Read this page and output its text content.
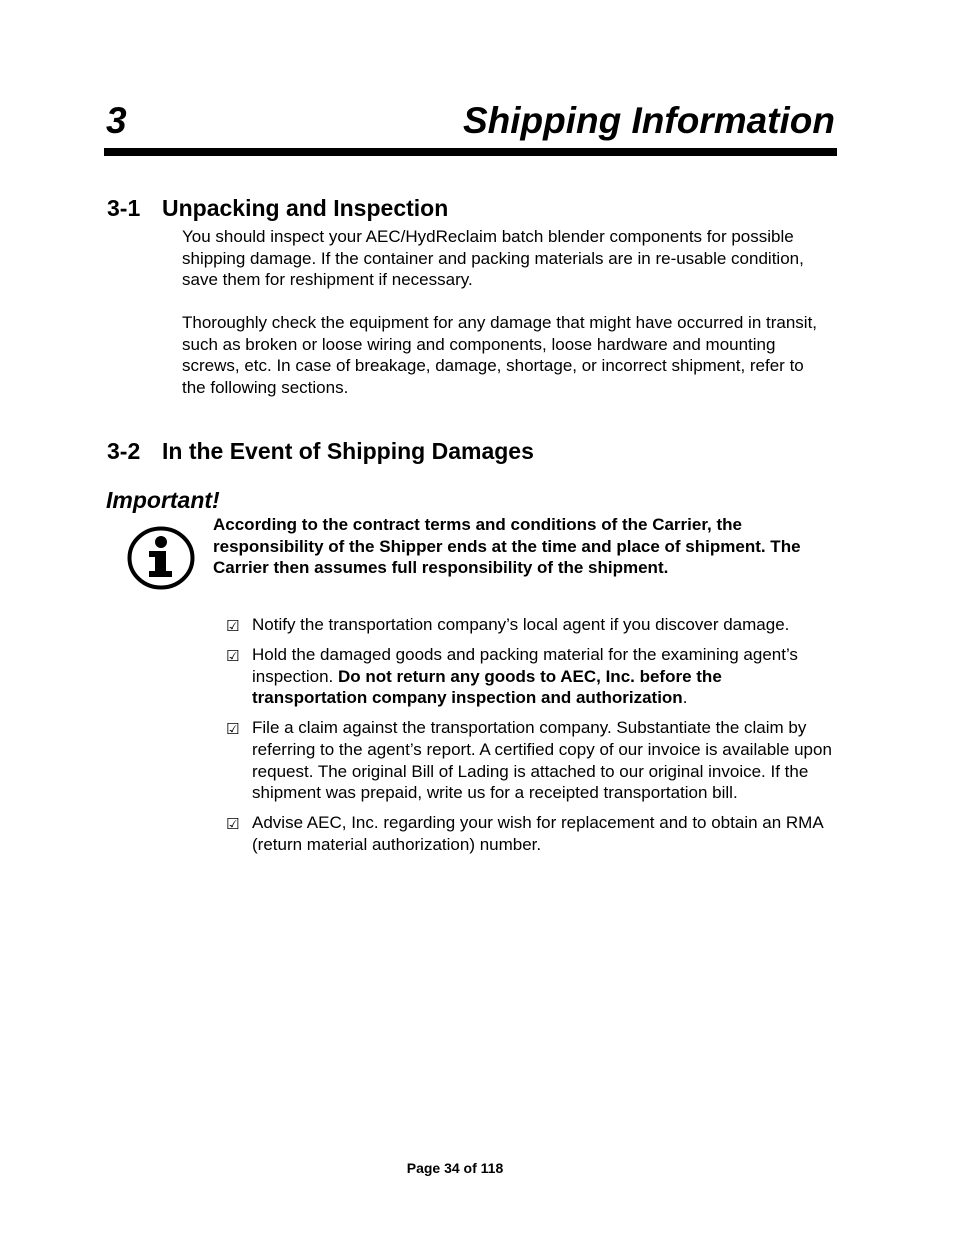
3	Shipping Information
3-1 Unpacking and Inspection

You should inspect your AEC/HydReclaim batch blender components for possible shipping damage. If the container and packing materials are in re-usable condition, save them for reshipment if necessary.

Thoroughly check the equipment for any damage that might have occurred in transit, such as broken or loose wiring and components, loose hardware and mounting screws, etc. In case of breakage, damage, shortage, or incorrect shipment, refer to the following sections.

3-2 In the Event of Shipping Damages
Important!

According to the contract terms and conditions of the Carrier, the responsibility of the Shipper ends at the time and place of shipment. The Carrier then assumes full responsibility of the shipment.

☑ Notify the transportation company’s local agent if you discover damage.
☑ Hold the damaged goods and packing material for the examining agent’s inspection. Do not return any goods to AEC, Inc. before the transportation company inspection and authorization.
☑ File a claim against the transportation company. Substantiate the claim by referring to the agent’s report. A certified copy of our invoice is available upon request. The original Bill of Lading is attached to our original invoice. If the shipment was prepaid, write us for a receipted transportation bill.
☑ Advise AEC, Inc. regarding your wish for replacement and to obtain an RMA (return material authorization) number.
Page 34 of 118
